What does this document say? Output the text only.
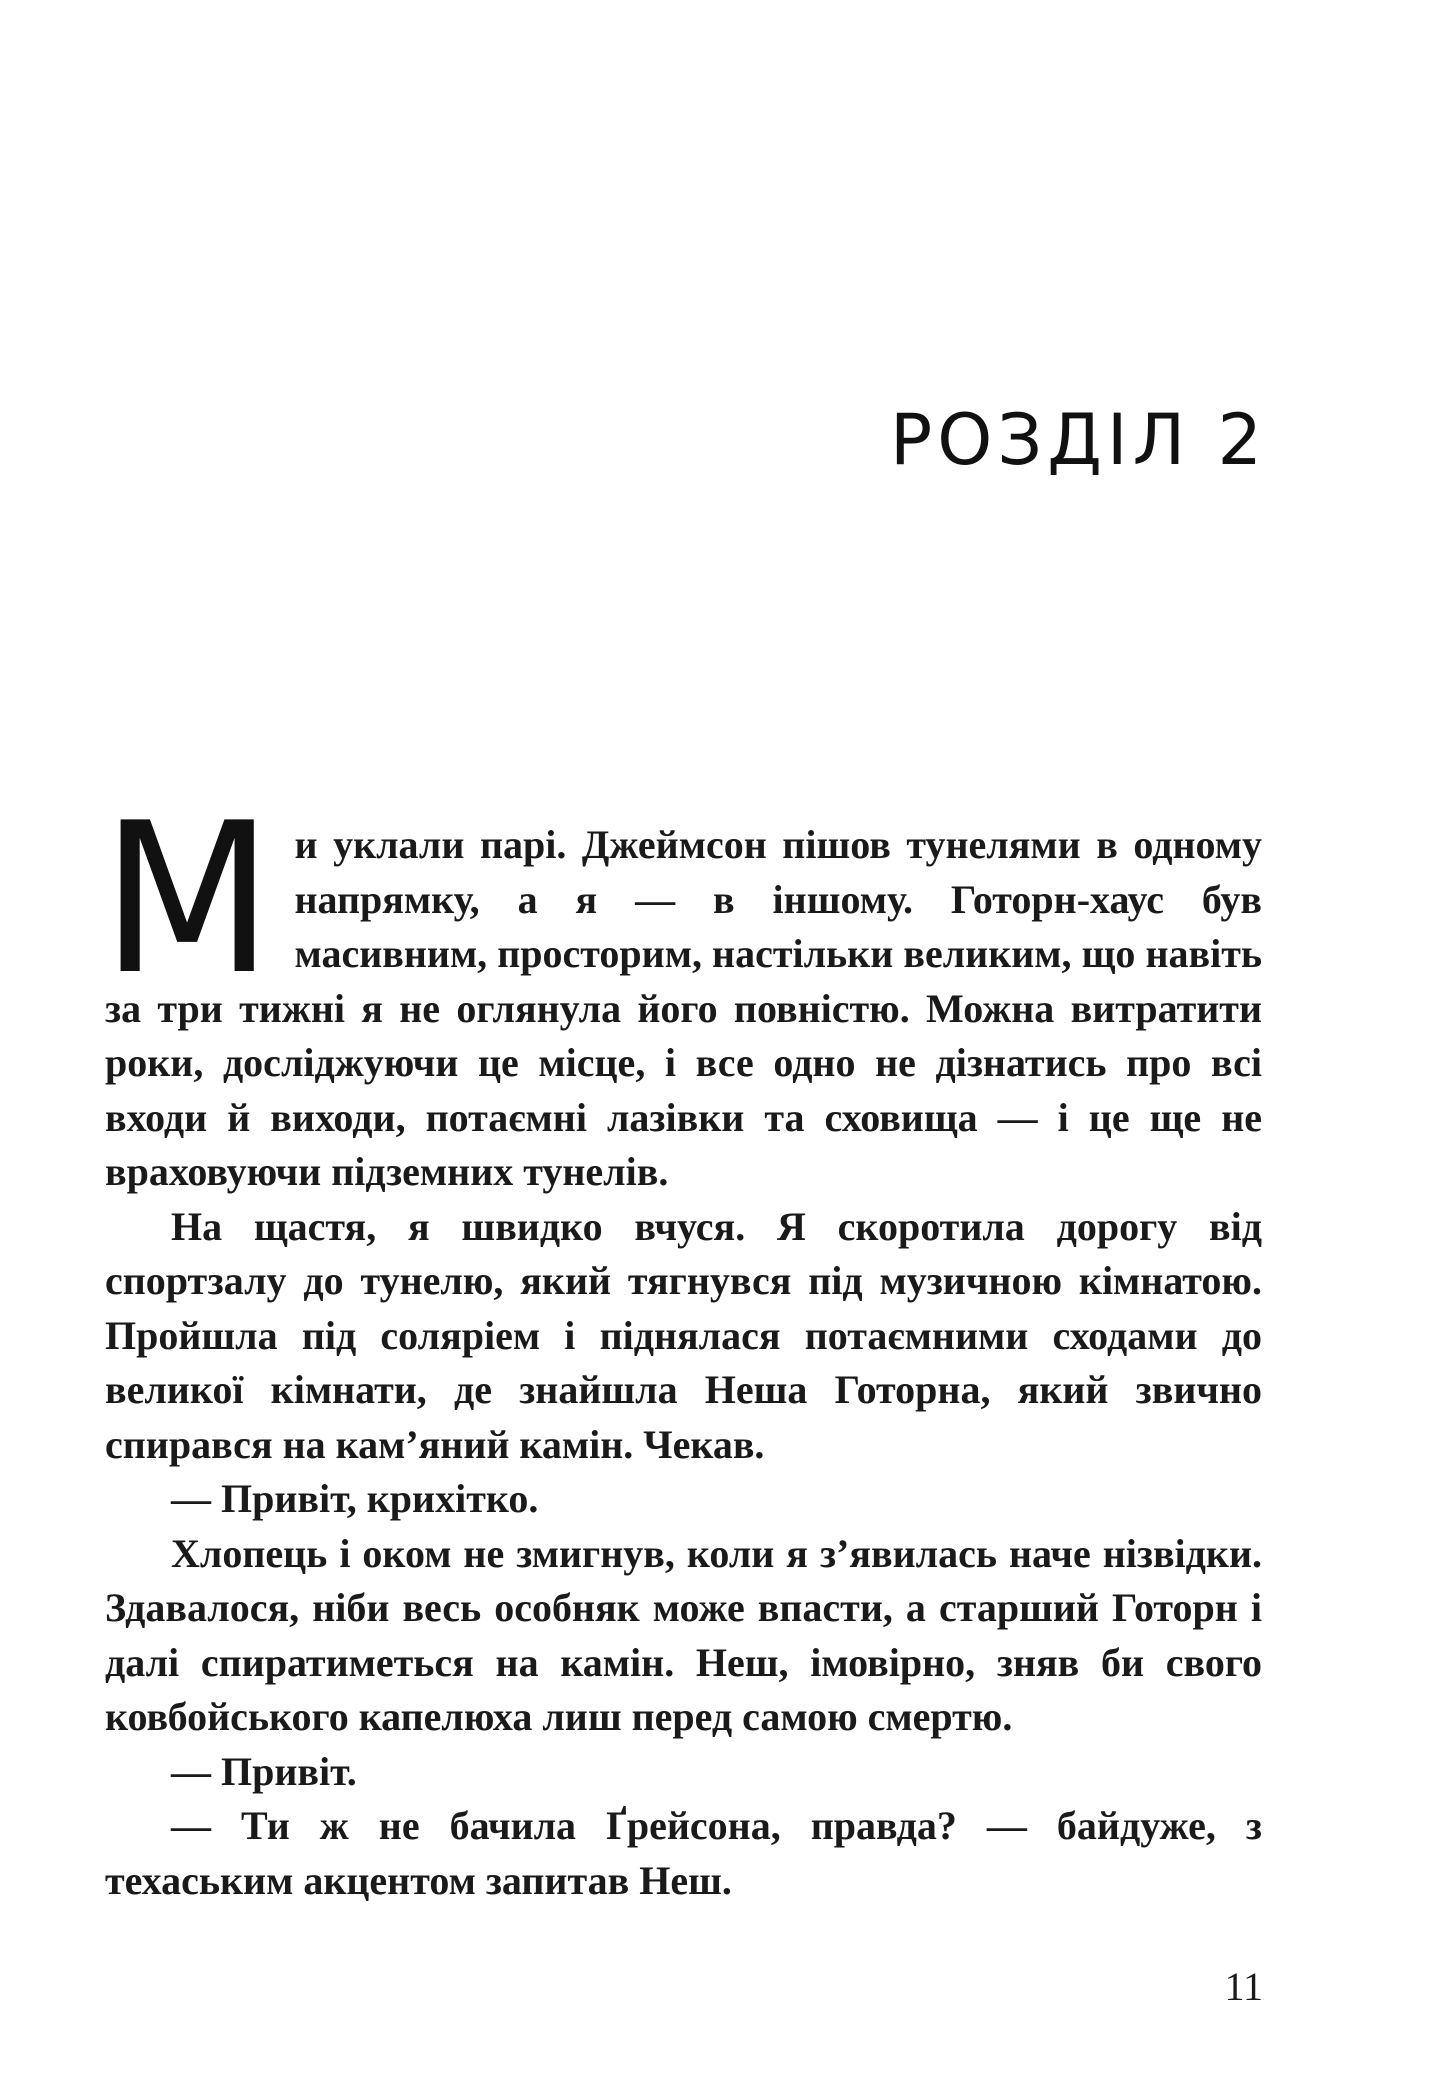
РОЗДІЛ 2

Ми уклали парі. Джеймсон пішов тунелями в одному напрямку, а я — в іншому. Готорн-хаус був масивним, просторим, настільки великим, що навіть за три тижні я не оглянула його повністю. Можна витратити роки, досліджуючи це місце, і все одно не дізнатись про всі входи й виходи, потаємні лазівки та сховища — і це ще не враховуючи підземних тунелів.

На щастя, я швидко вчуся. Я скоротила дорогу від спортзалу до тунелю, який тягнувся під музичною кімнатою. Пройшла під соляріем і піднялася потаємними сходами до великої кімнати, де знайшла Неша Готорна, який звично спирався на кам’яний камін. Чекав.

— Привіт, крихітко.

Хлопець і оком не змигнув, коли я з’явилась наче нізвідки. Здавалося, ніби весь особняк може впасти, а старший Готорн і далі спиратиметься на камін. Неш, імовірно, зняв би свого ковбойського капелюха лиш перед самою смертю.

— Привіт.

— Ти ж не бачила Ґрейсона, правда? — байдуже, з техаським акцентом запитав Неш.

11
